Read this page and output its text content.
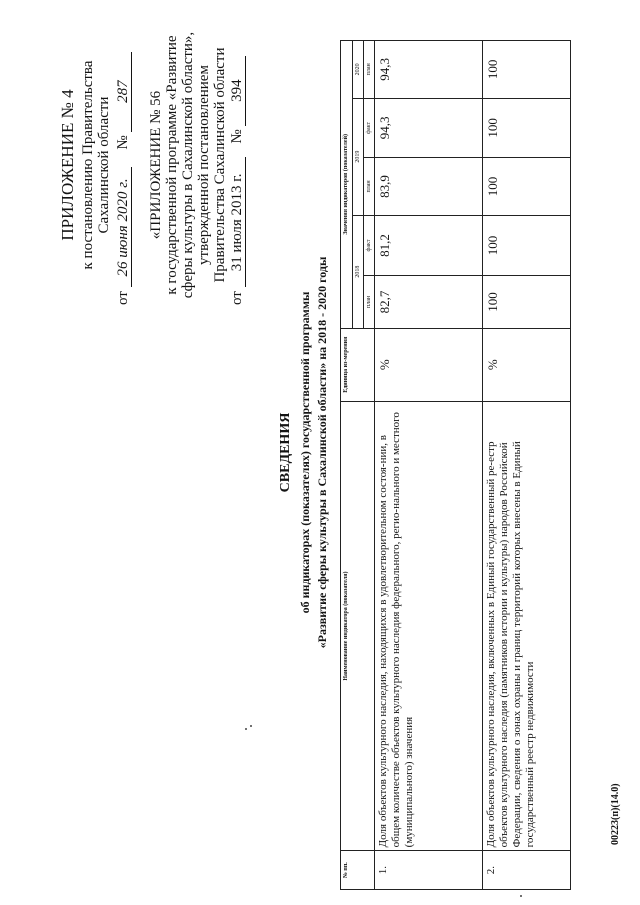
ПРИЛОЖЕНИЕ № 4 к постановлению Правительства Сахалинской области
от 26 июня 2020 г. № 287 «ПРИЛОЖЕНИЕ № 56 к государственной программе «Развитие сферы культуры в Сахалинской области», утвержденной постановлением Правительства Сахалинской области
от 31 июля 2013 г. № 394
СВЕДЕНИЯ об индикаторах (показателях) государственной программы «Развитие сферы культуры в Сахалинской области» на 2018 - 2020 годы
№ пп.	Наименование индикатора (показателя)	Единица из-мерения	Значения индикаторов (показателей)				
			2018		2019		2020
			план	факт	план	факт	план
1.	Доля объектов культурного наследия, находящихся в удовлетворительном состоя-нии, в общем количестве объектов культурного наследия федерального, регио-нального и местного (муниципального) значения	%	82,7	81,2	83,9	94,3	94,3
2.	Доля объектов культурного наследия, включенных в Единый государственный ре-естр объектов культурного наследия (памятников истории и культуры) народов Российской Федерации, сведения о зонах охраны и границ территорий которых внесены в Единый государственный реестр недвижимости	%	100	100	100	100	100
00223(п)(14.0)
